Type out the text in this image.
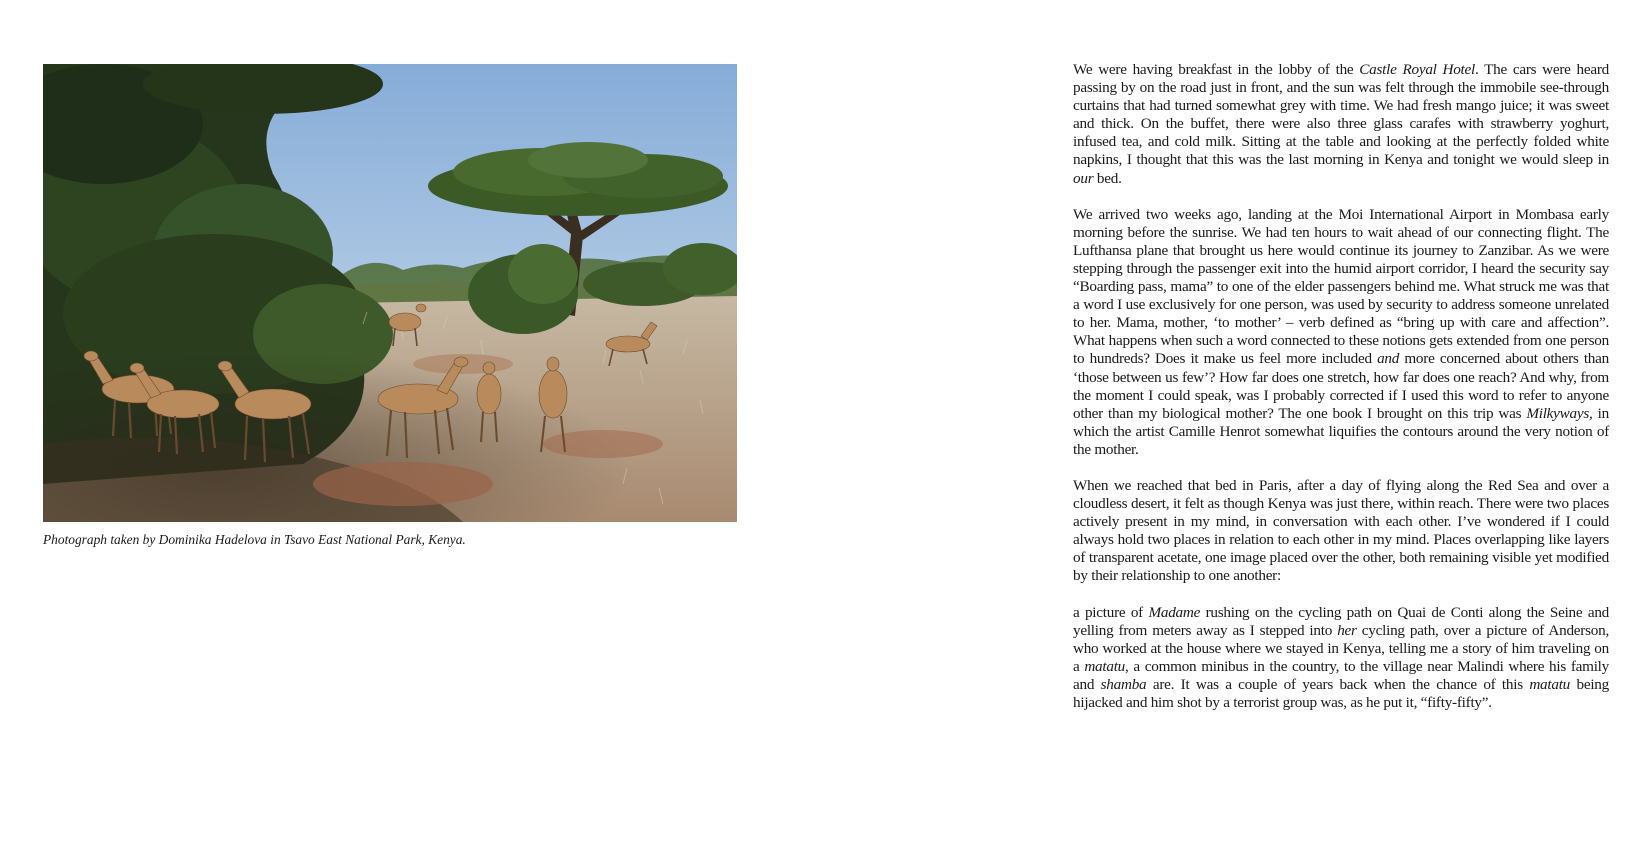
Photograph taken by Dominika Hadelova in Tsavo East National Park, Kenya.

We were having breakfast in the lobby of the Castle Royal Hotel. The cars were heard passing by on the road just in front, and the sun was felt through the immobile see-through curtains that had turned somewhat grey with time. We had fresh mango juice; it was sweet and thick. On the buffet, there were also three glass carafes with strawberry yoghurt, infused tea, and cold milk. Sitting at the table and looking at the perfectly folded white napkins, I thought that this was the last morning in Kenya and tonight we would sleep in our bed.

We arrived two weeks ago, landing at the Moi International Airport in Mombasa early morning before the sunrise. We had ten hours to wait ahead of our connecting flight. The Lufthansa plane that brought us here would continue its journey to Zanzibar. As we were stepping through the passenger exit into the humid airport corridor, I heard the security say “Boarding pass, mama” to one of the elder passengers behind me. What struck me was that a word I use exclusively for one person, was used by security to address someone unrelated to her. Mama, mother, ‘to mother’ – verb defined as “bring up with care and affection”. What happens when such a word connected to these notions gets extended from one person to hundreds? Does it make us feel more included and more concerned about others than ‘those between us few’? How far does one stretch, how far does one reach? And why, from the moment I could speak, was I probably corrected if I used this word to refer to anyone other than my biological mother? The one book I brought on this trip was Milkyways, in which the artist Camille Henrot somewhat liquifies the contours around the very notion of the mother.

When we reached that bed in Paris, after a day of flying along the Red Sea and over a cloudless desert, it felt as though Kenya was just there, within reach. There were two places actively present in my mind, in conversation with each other. I’ve wondered if I could always hold two places in relation to each other in my mind. Places overlapping like layers of transparent acetate, one image placed over the other, both remaining visible yet modified by their relationship to one another:

a picture of Madame rushing on the cycling path on Quai de Conti along the Seine and yelling from meters away as I stepped into her cycling path, over a picture of Anderson, who worked at the house where we stayed in Kenya, telling me a story of him traveling on a matatu, a common minibus in the country, to the village near Malindi where his family and shamba are. It was a couple of years back when the chance of this matatu being hijacked and him shot by a terrorist group was, as he put it, “fifty-fifty”.
